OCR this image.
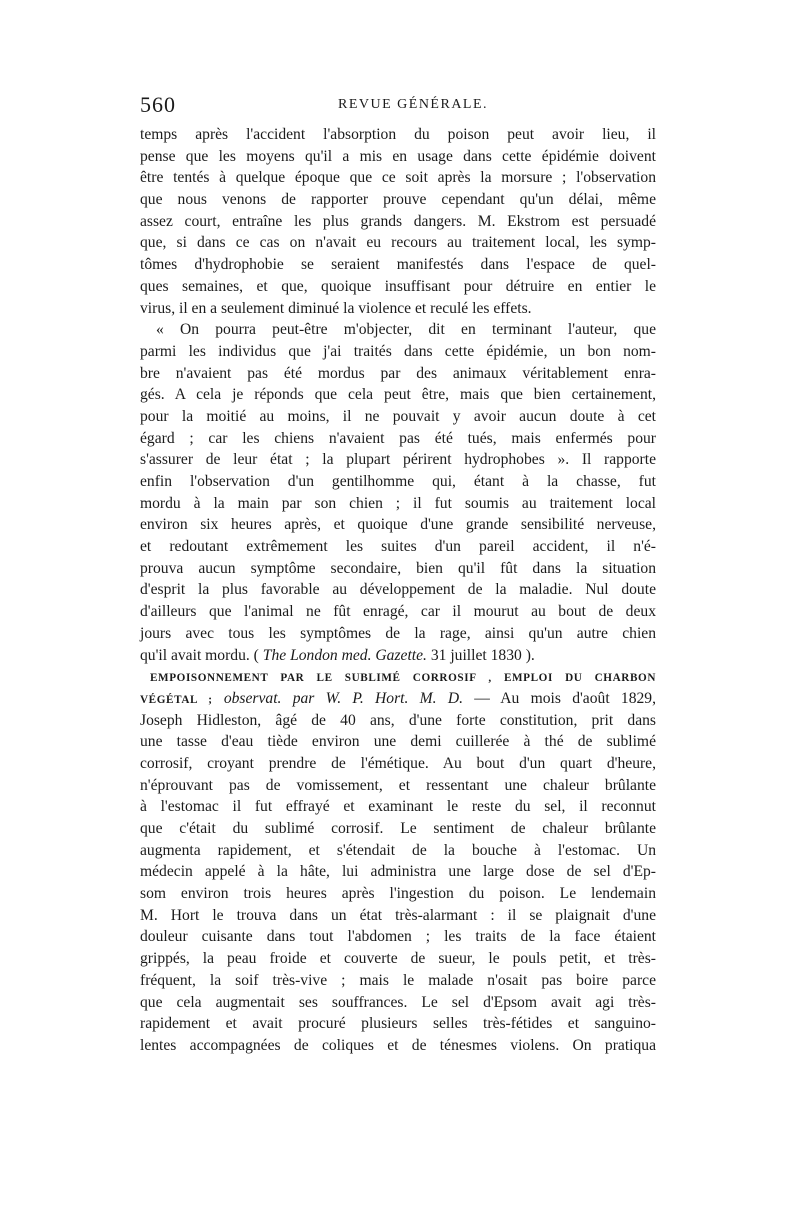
560	REVUE GÉNÉRALE.
temps après l'accident l'absorption du poison peut avoir lieu, il
pense que les moyens qu'il a mis en usage dans cette épidémie doivent
être tentés à quelque époque que ce soit après la morsure ; l'observation
que nous venons de rapporter prouve cependant qu'un délai, même
assez court, entraîne les plus grands dangers. M. Ekstrom est persuadé
que, si dans ce cas on n'avait eu recours au traitement local, les symp-
tômes d'hydrophobie se seraient manifestés dans l'espace de quel-
ques semaines, et que, quoique insuffisant pour détruire en entier le
virus, il en a seulement diminué la violence et reculé les effets.
« On pourra peut-être m'objecter, dit en terminant l'auteur, que
parmi les individus que j'ai traités dans cette épidémie, un bon nom-
bre n'avaient pas été mordus par des animaux véritablement enra-
gés. A cela je réponds que cela peut être, mais que bien certainement,
pour la moitié au moins, il ne pouvait y avoir aucun doute à cet
égard ; car les chiens n'avaient pas été tués, mais enfermés pour
s'assurer de leur état ; la plupart périrent hydrophobes ». Il rapporte
enfin l'observation d'un gentilhomme qui, étant à la chasse, fut
mordu à la main par son chien ; il fut soumis au traitement local
environ six heures après, et quoique d'une grande sensibilité nerveuse,
et redoutant extrêmement les suites d'un pareil accident, il n'é-
prouva aucun symptôme secondaire, bien qu'il fût dans la situation
d'esprit la plus favorable au développement de la maladie. Nul doute
d'ailleurs que l'animal ne fût enragé, car il mourut au bout de deux
jours avec tous les symptômes de la rage, ainsi qu'un autre chien
qu'il avait mordu. ( The London med. Gazette. 31 juillet 1830 ).
EMPOISONNEMENT PAR LE SUBLIMÉ CORROSIF , EMPLOI DU CHARBON
VÉGÉTAL ; observat. par W. P. Hort. M. D. — Au mois d'août 1829,
Joseph Hidleston, âgé de 40 ans, d'une forte constitution, prit dans
une tasse d'eau tiède environ une demi cuillerée à thé de sublimé
corrosif, croyant prendre de l'émétique. Au bout d'un quart d'heure,
n'éprouvant pas de vomissement, et ressentant une chaleur brûlante
à l'estomac il fut effrayé et examinant le reste du sel, il reconnut
que c'était du sublimé corrosif. Le sentiment de chaleur brûlante
augmenta rapidement, et s'étendait de la bouche à l'estomac. Un
médecin appelé à la hâte, lui administra une large dose de sel d'Ep-
som environ trois heures après l'ingestion du poison. Le lendemain
M. Hort le trouva dans un état très-alarmant : il se plaignait d'une
douleur cuisante dans tout l'abdomen ; les traits de la face étaient
grippés, la peau froide et couverte de sueur, le pouls petit, et très-
fréquent, la soif très-vive ; mais le malade n'osait pas boire parce
que cela augmentait ses souffrances. Le sel d'Epsom avait agi très-
rapidement et avait procuré plusieurs selles très-fétides et sanguino-
lentes accompagnées de coliques et de ténesmes violens. On pratiqua
